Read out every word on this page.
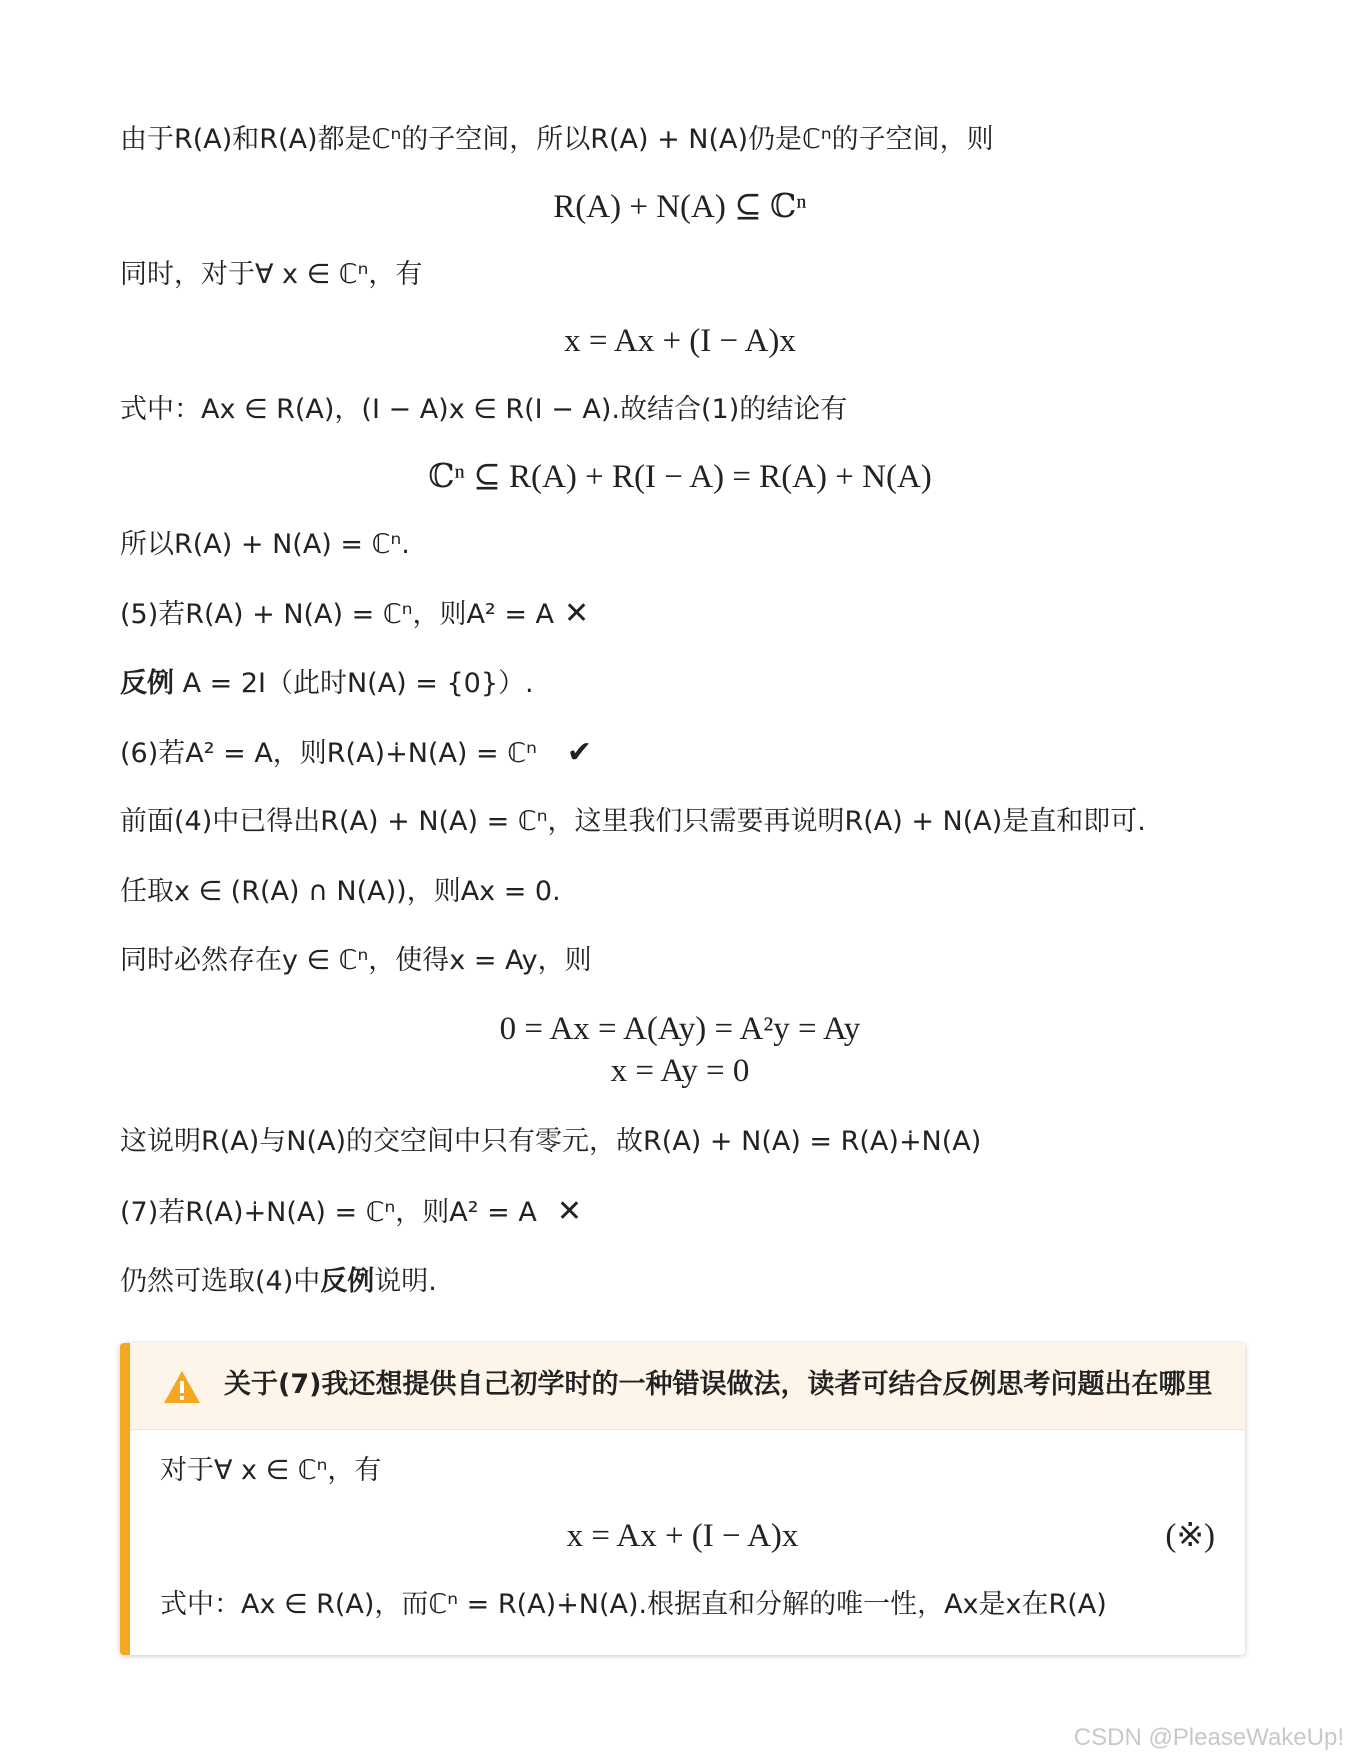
由于R(A)和R(A)都是ℂⁿ的子空间，所以R(A) + N(A)仍是ℂⁿ的子空间，则
R(A) + N(A) ⊆ ℂⁿ
同时，对于∀ x ∈ ℂⁿ，有
x = Ax + (I − A)x
式中：Ax ∈ R(A)，(I − A)x ∈ R(I − A).故结合(1)的结论有
ℂⁿ ⊆ R(A) + R(I − A) = R(A) + N(A)
所以R(A) + N(A) = ℂⁿ.
(5)若R(A) + N(A) = ℂⁿ，则A² = A ✕
反例 A = 2I（此时N(A) = {0}）.
(6)若A² = A，则R(A)∔N(A) = ℂⁿ ✔
前面(4)中已得出R(A) + N(A) = ℂⁿ，这里我们只需要再说明R(A) + N(A)是直和即可.
任取x ∈ (R(A) ∩ N(A))，则Ax = 0.
同时必然存在y ∈ ℂⁿ，使得x = Ay，则
0 = Ax = A(Ay) = A²y = Ay
x = Ay = 0
这说明R(A)与N(A)的交空间中只有零元，故R(A) + N(A) = R(A)∔N(A)
(7)若R(A)∔N(A) = ℂⁿ，则A² = A ✕
仍然可选取(4)中反例说明.
关于(7)我还想提供自己初学时的一种错误做法，读者可结合反例思考问题出在哪里
对于∀ x ∈ ℂⁿ，有
x = Ax + (I − A)x	(※)
式中：Ax ∈ R(A)，而ℂⁿ = R(A)∔N(A).根据直和分解的唯一性，Ax是x在R(A)
CSDN @PleaseWakeUp!
